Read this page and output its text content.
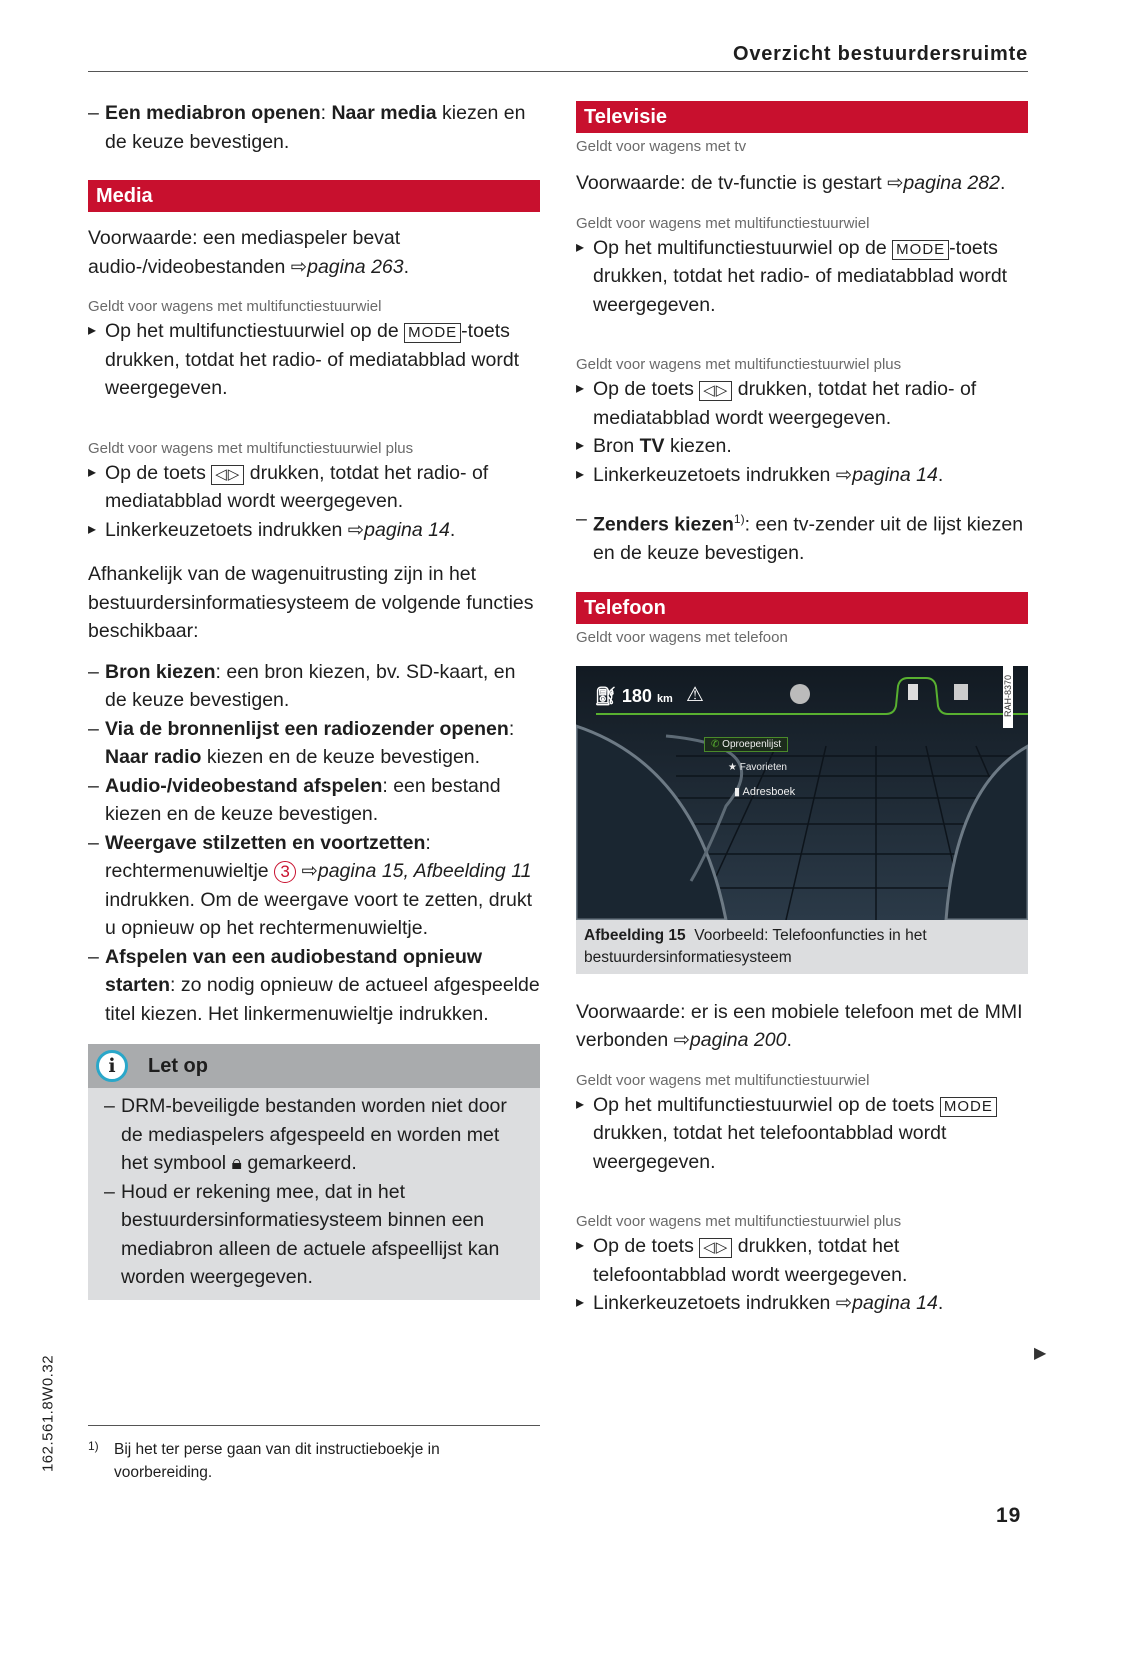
Overzicht bestuurdersruimte
– Een mediabron openen: Naar media kiezen en de keuze bevestigen.
Media
Voorwaarde: een mediaspeler bevat audio-/videobestanden ⇨pagina 263.
Geldt voor wagens met multifunctiestuurwiel
▸ Op het multifunctiestuurwiel op de MODE -toets drukken, totdat het radio- of mediatabblad wordt weergegeven.
Geldt voor wagens met multifunctiestuurwiel plus
▸ Op de toets ◁▷ drukken, totdat het radio- of mediatabblad wordt weergegeven.
▸ Linkerkeuzetoets indrukken ⇨pagina 14.
Afhankelijk van de wagenuitrusting zijn in het bestuurdersinformatiesysteem de volgende functies beschikbaar:
– Bron kiezen: een bron kiezen, bv. SD-kaart, en de keuze bevestigen.
– Via de bronnenlijst een radiozender openen: Naar radio kiezen en de keuze bevestigen.
– Audio-/videobestand afspelen: een bestand kiezen en de keuze bevestigen.
– Weergave stilzetten en voortzetten: rechtermenuwieltje 3 ⇨pagina 15, Afbeelding 11 indrukken. Om de weergave voort te zetten, drukt u opnieuw op het rechtermenuwieltje.
– Afspelen van een audiobestand opnieuw starten: zo nodig opnieuw de actueel afgespeelde titel kiezen. Het linkermenuwieltje indrukken.
i	Let op
– DRM-beveiligde bestanden worden niet door de mediaspelers afgespeeld en worden met het symbool 🔒︎ gemarkeerd.
– Houd er rekening mee, dat in het bestuurdersinformatiesysteem binnen een mediabron alleen de actuele afspeellijst kan worden weergegeven.
1) Bij het ter perse gaan van dit instructieboekje in voorbereiding.
162.561.8W0.32
Televisie
Geldt voor wagens met tv
Voorwaarde: de tv-functie is gestart ⇨pagina 282.
Geldt voor wagens met multifunctiestuurwiel
▸ Op het multifunctiestuurwiel op de MODE -toets drukken, totdat het radio- of mediatabblad wordt weergegeven.
Geldt voor wagens met multifunctiestuurwiel plus
▸ Op de toets ◁▷ drukken, totdat het radio- of mediatabblad wordt weergegeven.
▸ Bron TV kiezen.
▸ Linkerkeuzetoets indrukken ⇨pagina 14.
– Zenders kiezen$^{1)}$: een tv-zender uit de lijst kiezen en de keuze bevestigen.
Telefoon
Geldt voor wagens met telefoon
⛽︎ 180 km ⚠︎
✆ Oproepenlijst
★ Favorieten
▮ Adresboek
RAH-8370
Afbeelding 15 Voorbeeld: Telefoonfuncties in het bestuurdersinformatiesysteem
Voorwaarde: er is een mobiele telefoon met de MMI verbonden ⇨pagina 200.
Geldt voor wagens met multifunctiestuurwiel
▸ Op het multifunctiestuurwiel op de toets MODE drukken, totdat het telefoontabblad wordt weergegeven.
Geldt voor wagens met multifunctiestuurwiel plus
▸ Op de toets ◁▷ drukken, totdat het telefoontabblad wordt weergegeven.
▸ Linkerkeuzetoets indrukken ⇨pagina 14.
▶
19
